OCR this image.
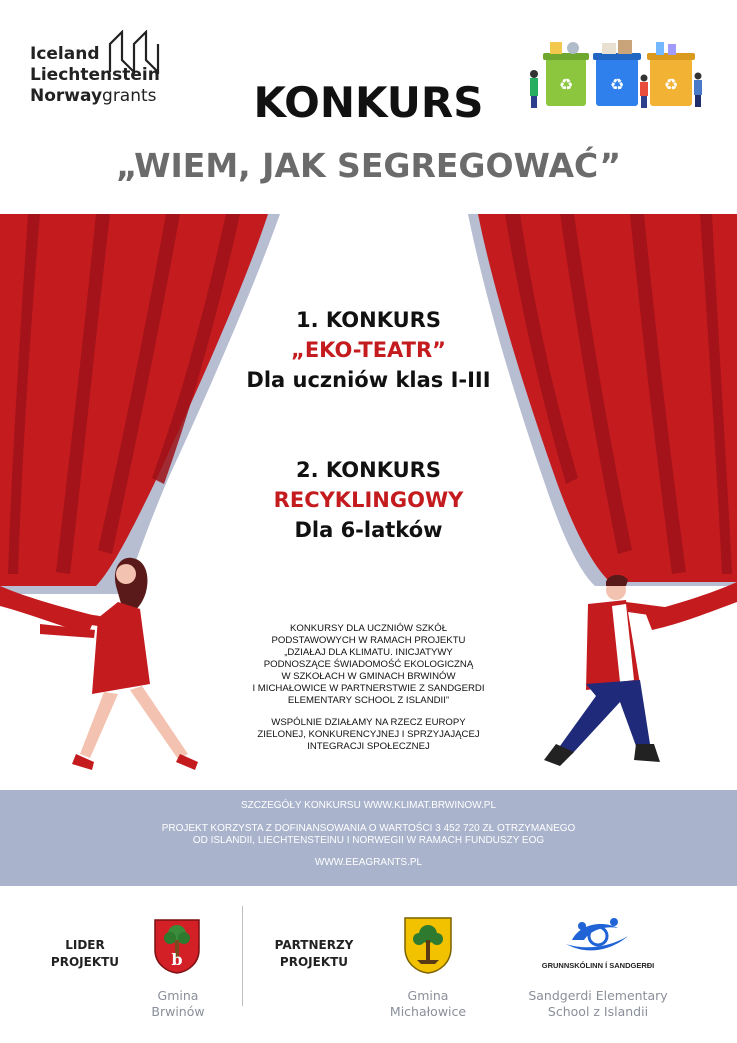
Iceland
Liechtenstein
Norwaygrants	KONKURS
„WIEM, JAK SEGREGOWAĆ”
♻ ♻ ♻
1. KONKURS
„EKO-TEATR”
Dla uczniów klas I-III
2. KONKURS
RECYKLINGOWY
Dla 6-latków

KONKURSY DLA UCZNIÓW SZKÓŁ
PODSTAWOWYCH W RAMACH PROJEKTU
„DZIAŁAJ DLA KLIMATU. INICJATYWY
PODNOSZĄCE ŚWIADOMOŚĆ EKOLOGICZNĄ
W SZKOŁACH W GMINACH BRWINÓW
I MICHAŁOWICE W PARTNERSTWIE Z SANDGERDI
ELEMENTARY SCHOOL Z ISLANDII”

WSPÓLNIE DZIAŁAMY NA RZECZ EUROPY
ZIELONEJ, KONKURENCYJNEJ I SPRZYJAJĄCEJ
INTEGRACJI SPOŁECZNEJ

SZCZEGÓŁY KONKURSU WWW.KLIMAT.BRWINOW.PL
PROJEKT KORZYSTA Z DOFINANSOWANIA O WARTOŚCI 3 452 720 ZŁ OTRZYMANEGO
OD ISLANDII, LIECHTENSTEINU I NORWEGII W RAMACH FUNDUSZY EOG
WWW.EEAGRANTS.PL
LIDER
PROJEKTU	b
Gmina
Brwinów
PARTNERZY
PROJEKTU
Gmina
Michałowice
GRUNNSKÓLINN Í SANDGERÐI
Sandgerdi Elementary
School z Islandii
